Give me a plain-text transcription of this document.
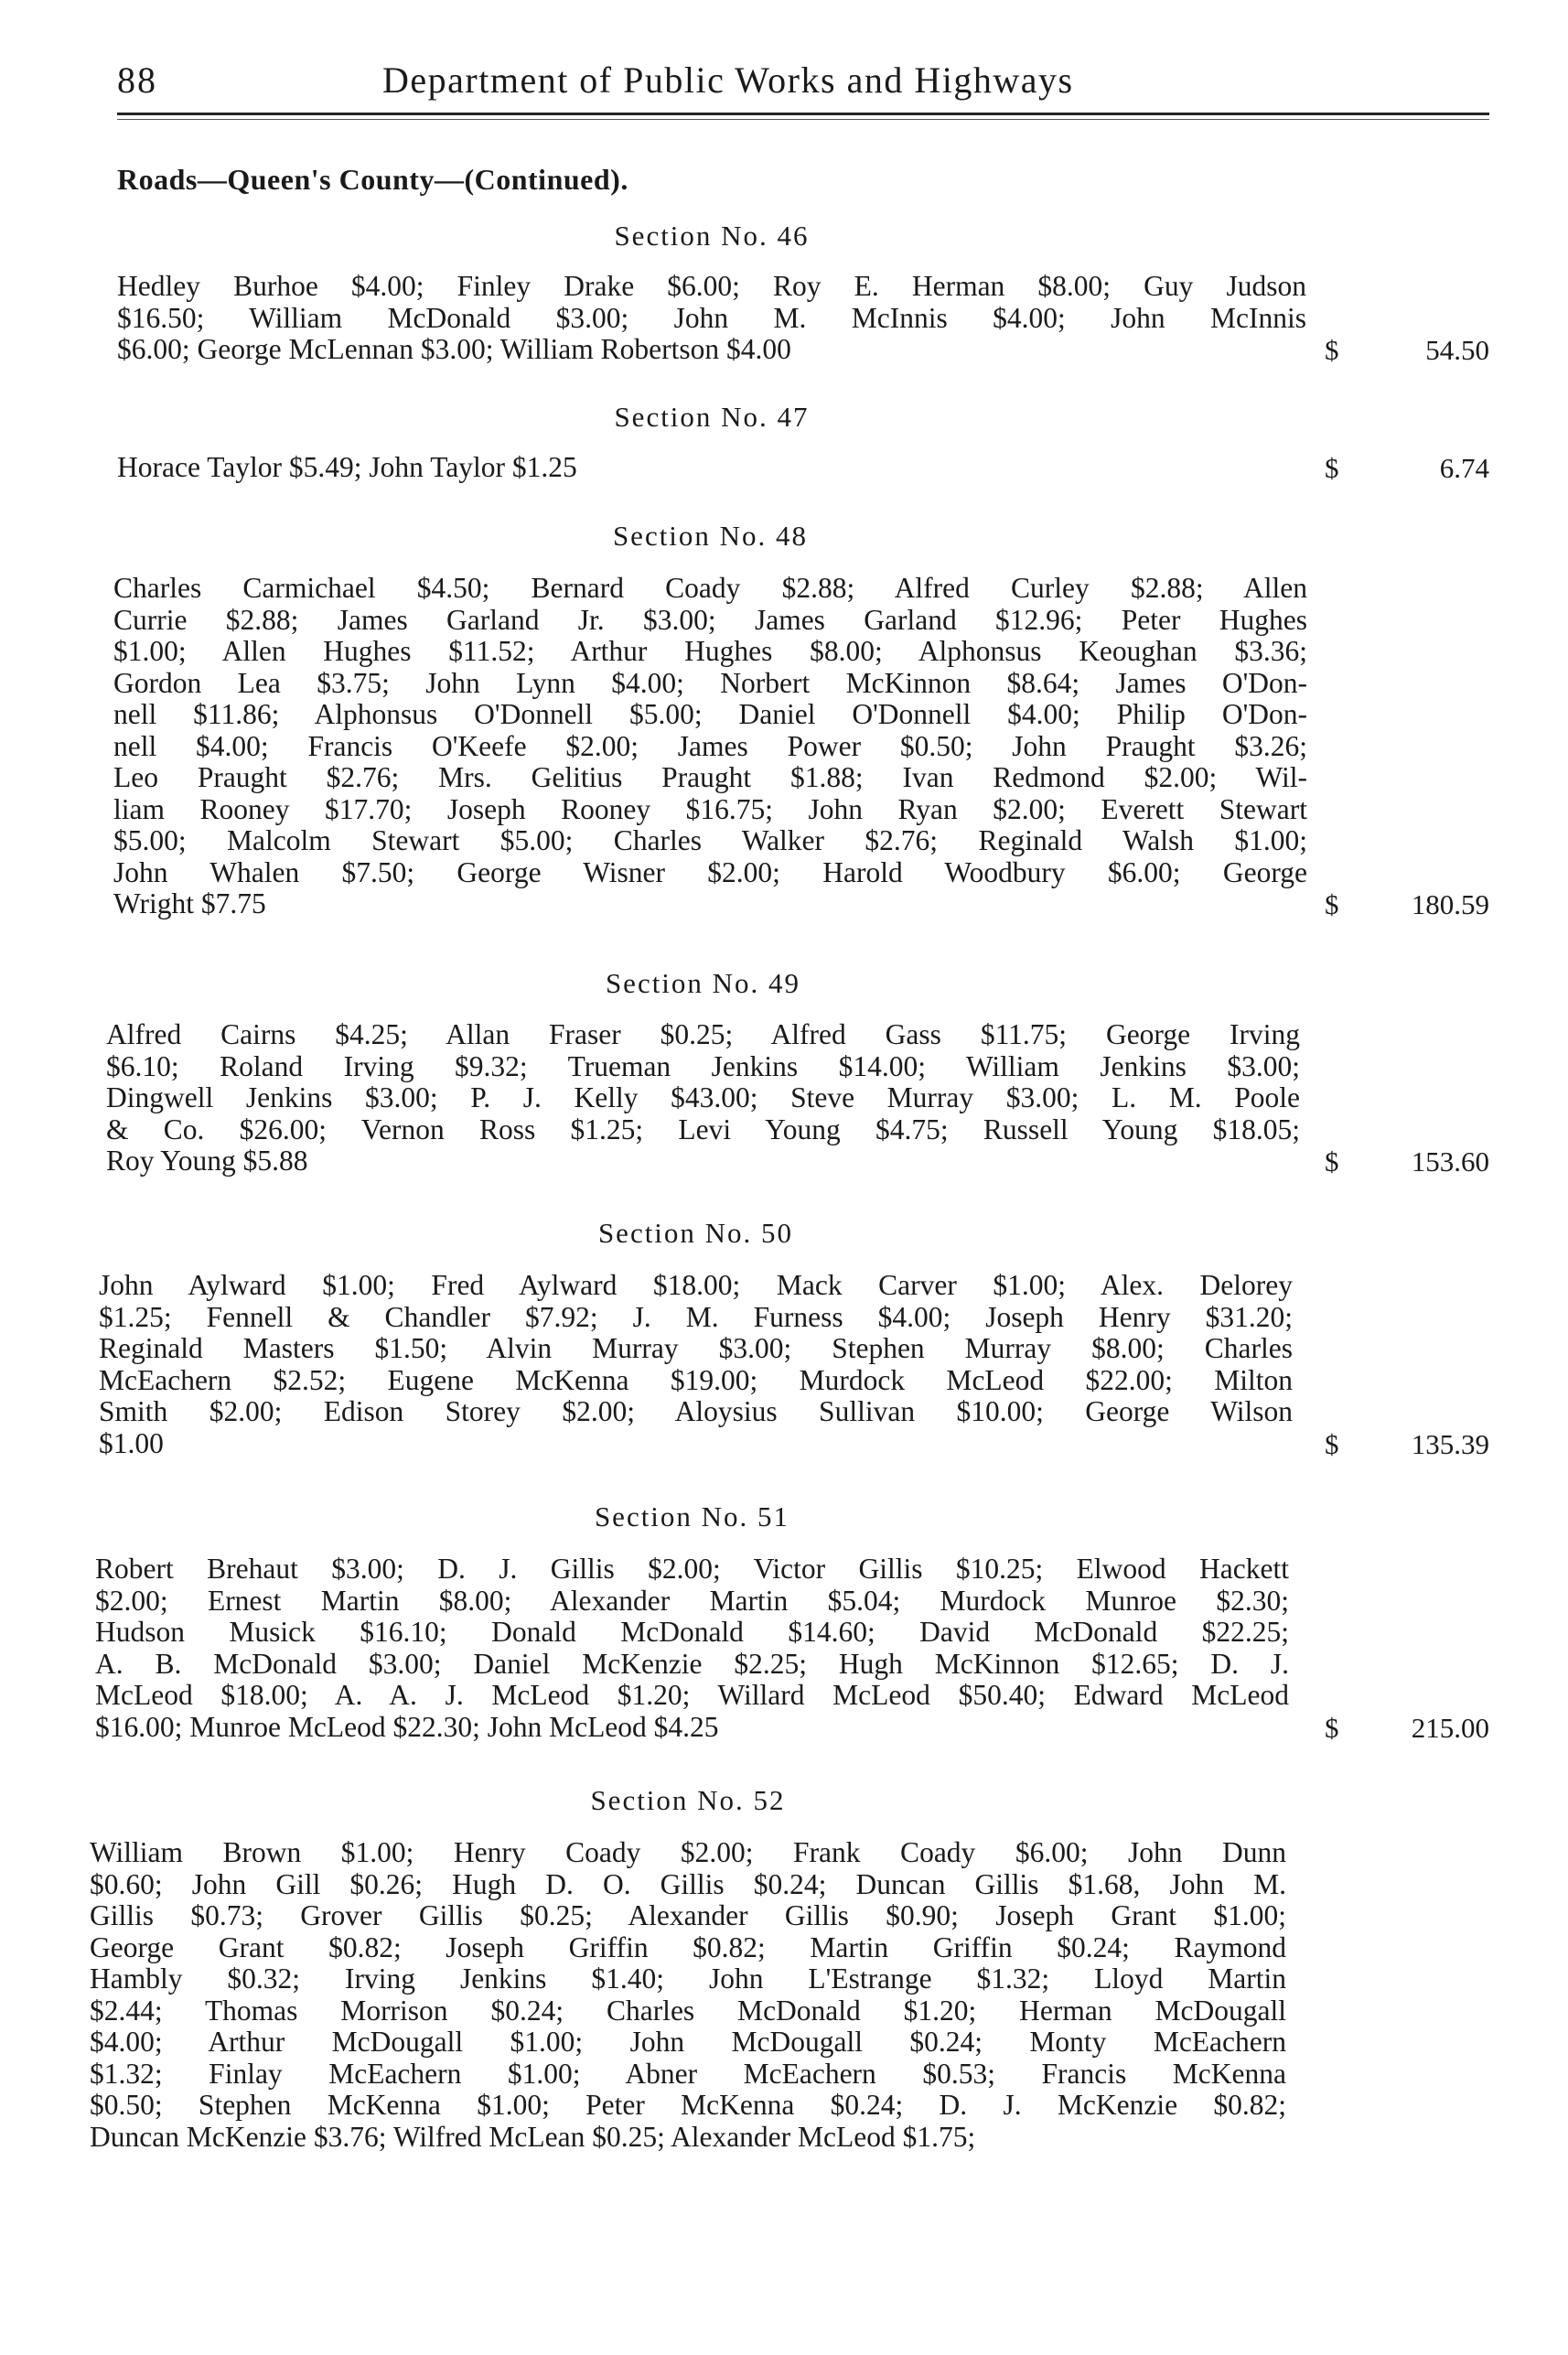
88	Department of Public Works and Highways
Roads—Queen's County—(Continued).
Section No. 46
Hedley Burhoe $4.00; Finley Drake $6.00; Roy E. Herman $8.00; Guy Judson
$16.50; William McDonald $3.00; John M. McInnis $4.00; John McInnis
$6.00; George McLennan $3.00; William Robertson $4.00	$	54.50
Section No. 47
Horace Taylor $5.49; John Taylor $1.25	$	6.74
Section No. 48
Charles Carmichael $4.50; Bernard Coady $2.88; Alfred Curley $2.88; Allen
Currie $2.88; James Garland Jr. $3.00; James Garland $12.96; Peter Hughes
$1.00; Allen Hughes $11.52; Arthur Hughes $8.00; Alphonsus Keoughan $3.36;
Gordon Lea $3.75; John Lynn $4.00; Norbert McKinnon $8.64; James O'Don-
nell $11.86; Alphonsus O'Donnell $5.00; Daniel O'Donnell $4.00; Philip O'Don-
nell $4.00; Francis O'Keefe $2.00; James Power $0.50; John Praught $3.26;
Leo Praught $2.76; Mrs. Gelitius Praught $1.88; Ivan Redmond $2.00; Wil-
liam Rooney $17.70; Joseph Rooney $16.75; John Ryan $2.00; Everett Stewart
$5.00; Malcolm Stewart $5.00; Charles Walker $2.76; Reginald Walsh $1.00;
John Whalen $7.50; George Wisner $2.00; Harold Woodbury $6.00; George
Wright $7.75	$	180.59
Section No. 49
Alfred Cairns $4.25; Allan Fraser $0.25; Alfred Gass $11.75; George Irving
$6.10; Roland Irving $9.32; Trueman Jenkins $14.00; William Jenkins $3.00;
Dingwell Jenkins $3.00; P. J. Kelly $43.00; Steve Murray $3.00; L. M. Poole
& Co. $26.00; Vernon Ross $1.25; Levi Young $4.75; Russell Young $18.05;
Roy Young $5.88	$	153.60
Section No. 50
John Aylward $1.00; Fred Aylward $18.00; Mack Carver $1.00; Alex. Delorey
$1.25; Fennell & Chandler $7.92; J. M. Furness $4.00; Joseph Henry $31.20;
Reginald Masters $1.50; Alvin Murray $3.00; Stephen Murray $8.00; Charles
McEachern $2.52; Eugene McKenna $19.00; Murdock McLeod $22.00; Milton
Smith $2.00; Edison Storey $2.00; Aloysius Sullivan $10.00; George Wilson
$1.00	$	135.39
Section No. 51
Robert Brehaut $3.00; D. J. Gillis $2.00; Victor Gillis $10.25; Elwood Hackett
$2.00; Ernest Martin $8.00; Alexander Martin $5.04; Murdock Munroe $2.30;
Hudson Musick $16.10; Donald McDonald $14.60; David McDonald $22.25;
A. B. McDonald $3.00; Daniel McKenzie $2.25; Hugh McKinnon $12.65; D. J.
McLeod $18.00; A. A. J. McLeod $1.20; Willard McLeod $50.40; Edward McLeod
$16.00; Munroe McLeod $22.30; John McLeod $4.25	$	215.00
Section No. 52
William Brown $1.00; Henry Coady $2.00; Frank Coady $6.00; John Dunn
$0.60; John Gill $0.26; Hugh D. O. Gillis $0.24; Duncan Gillis $1.68, John M.
Gillis $0.73; Grover Gillis $0.25; Alexander Gillis $0.90; Joseph Grant $1.00;
George Grant $0.82; Joseph Griffin $0.82; Martin Griffin $0.24; Raymond
Hambly $0.32; Irving Jenkins $1.40; John L'Estrange $1.32; Lloyd Martin
$2.44; Thomas Morrison $0.24; Charles McDonald $1.20; Herman McDougall
$4.00; Arthur McDougall $1.00; John McDougall $0.24; Monty McEachern
$1.32; Finlay McEachern $1.00; Abner McEachern $0.53; Francis McKenna
$0.50; Stephen McKenna $1.00; Peter McKenna $0.24; D. J. McKenzie $0.82;
Duncan McKenzie $3.76; Wilfred McLean $0.25; Alexander McLeod $1.75;
